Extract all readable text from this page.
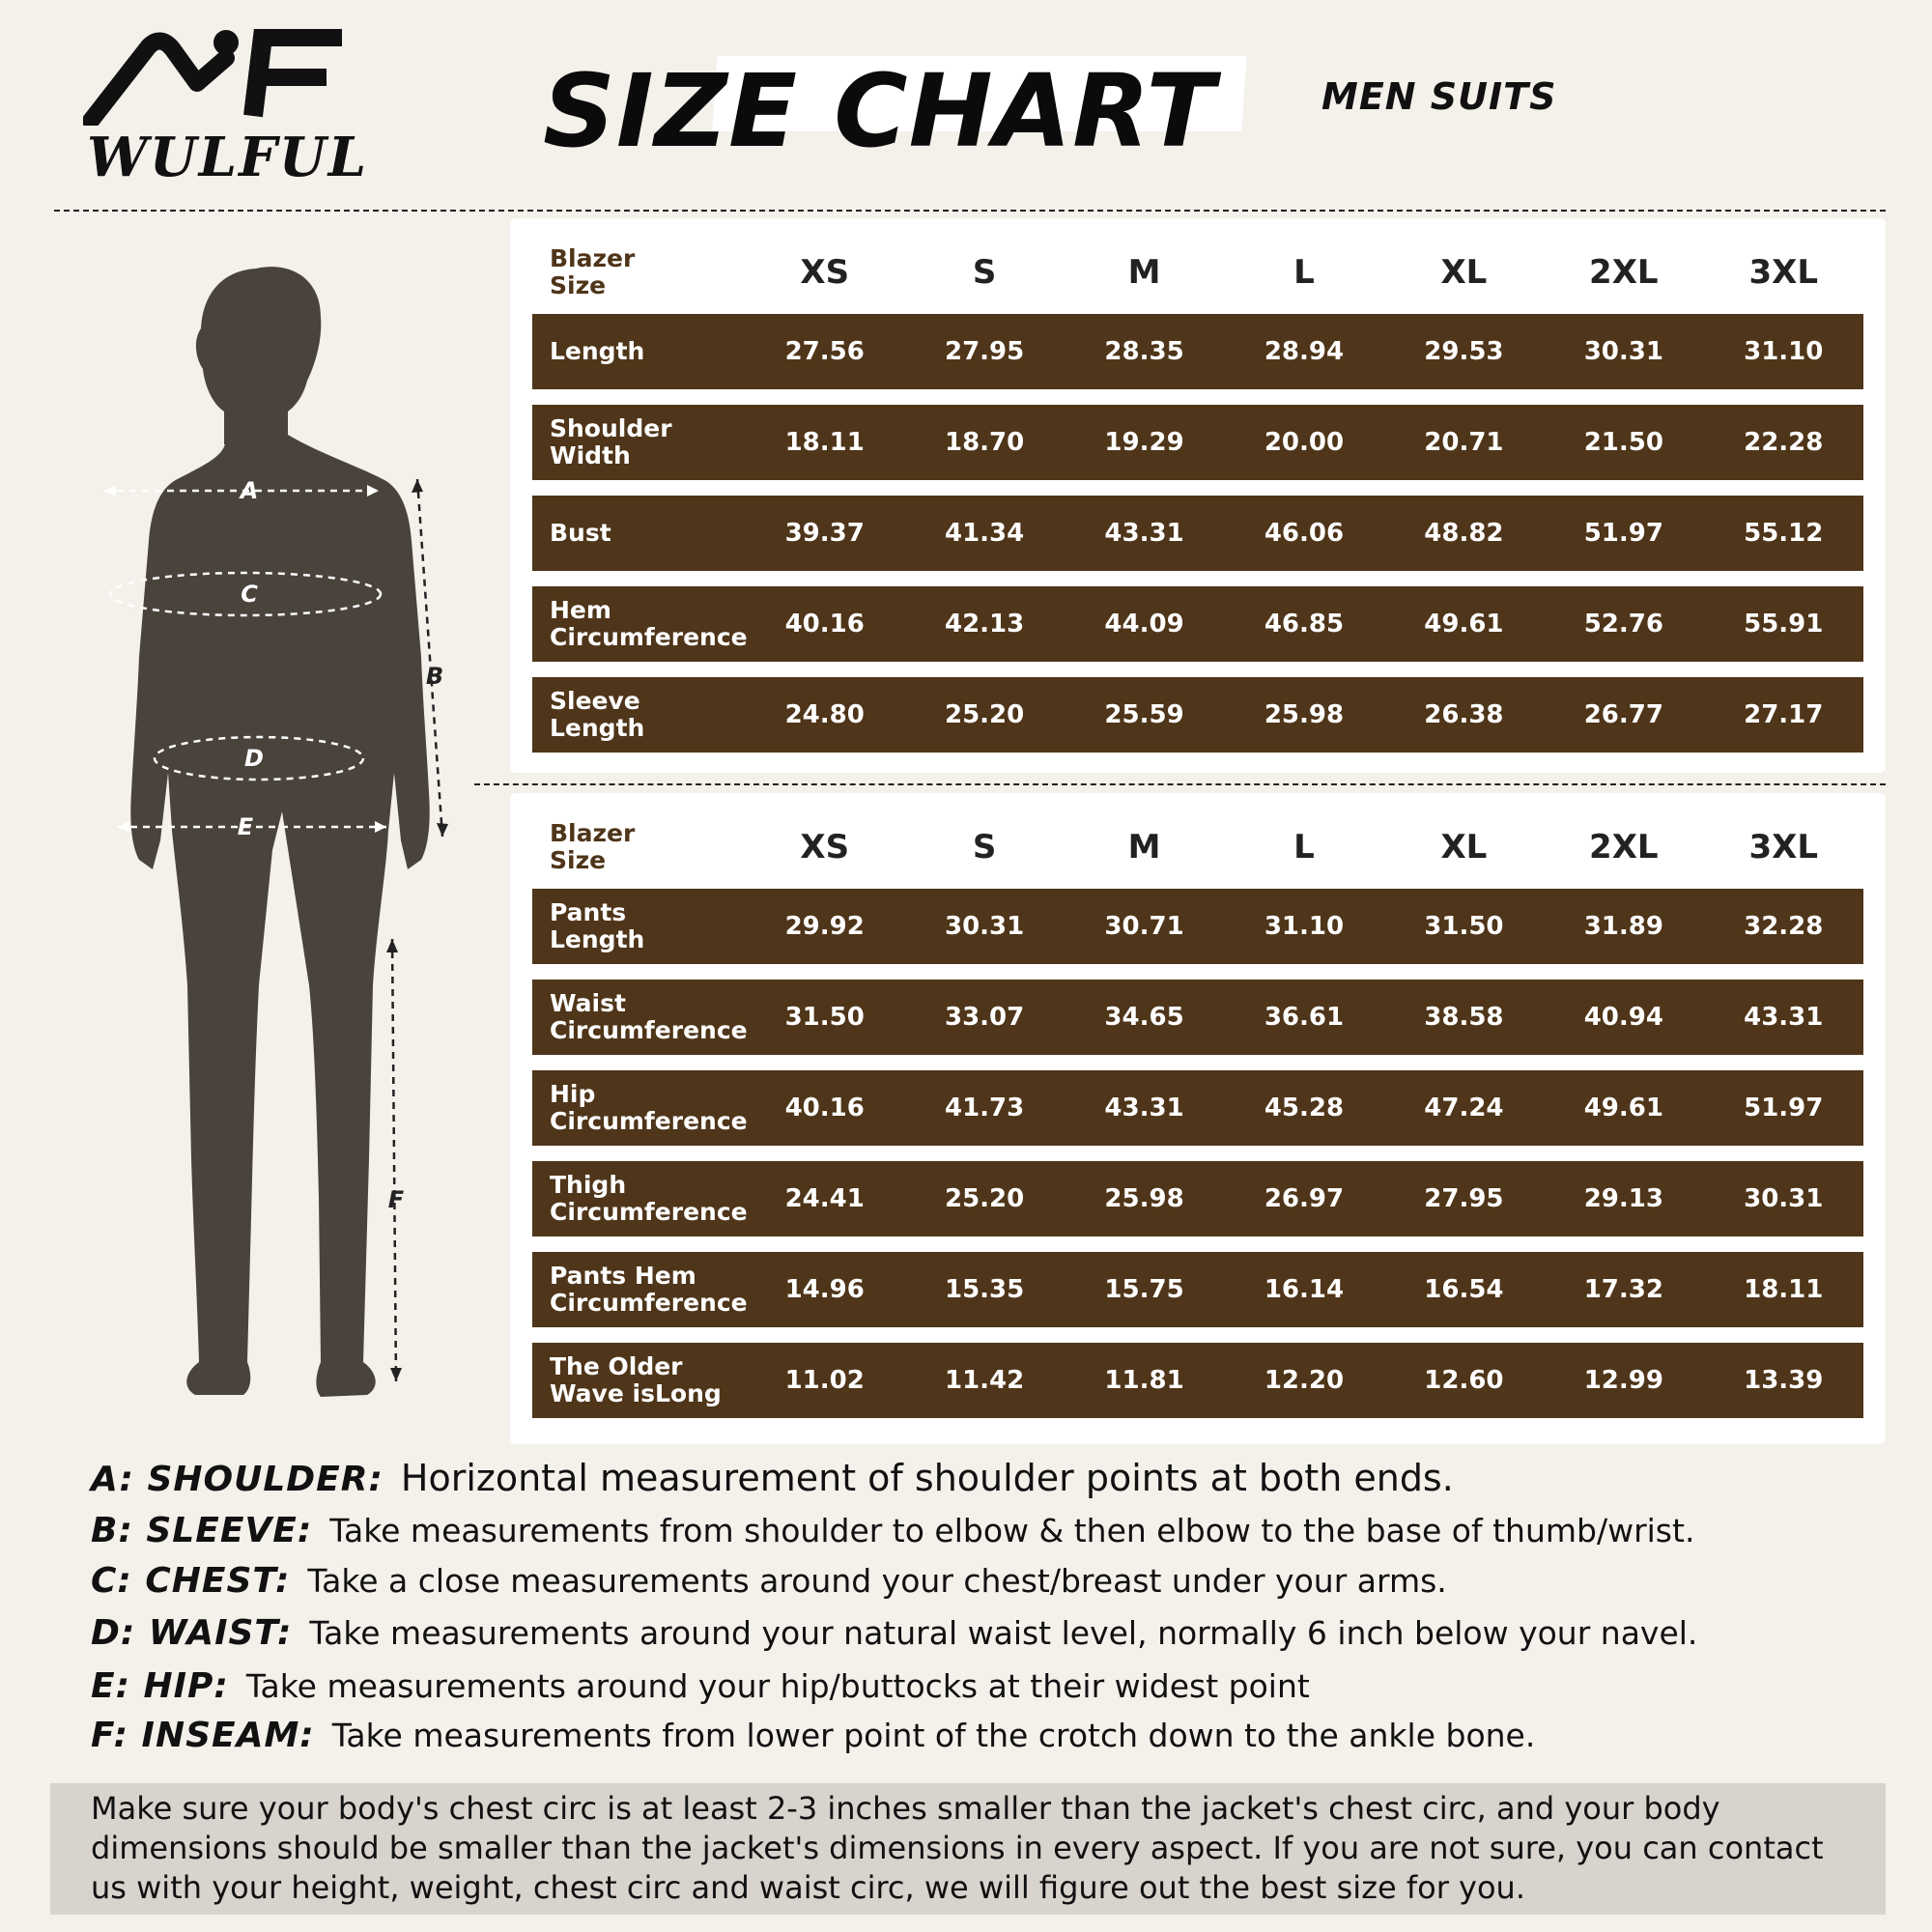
WULFUL SIZE CHART	MEN SUITS
A
C
D
E
B
F
Blazer
Size	XS	S	M	L	XL	2XL	3XL
Length	27.56	27.95	28.35	28.94	29.53	30.31	31.10
Shoulder
Width	18.11	18.70	19.29	20.00	20.71	21.50	22.28
Bust	39.37	41.34	43.31	46.06	48.82	51.97	55.12
Hem
Circumference	40.16	42.13	44.09	46.85	49.61	52.76	55.91
Sleeve
Length	24.80	25.20	25.59	25.98	26.38	26.77	27.17
Blazer
Size	XS	S	M	L	XL	2XL	3XL
Pants
Length	29.92	30.31	30.71	31.10	31.50	31.89	32.28
Waist
Circumference	31.50	33.07	34.65	36.61	38.58	40.94	43.31
Hip
Circumference	40.16	41.73	43.31	45.28	47.24	49.61	51.97
Thigh
Circumference	24.41	25.20	25.98	26.97	27.95	29.13	30.31
Pants Hem
Circumference	14.96	15.35	15.75	16.14	16.54	17.32	18.11
The Older
Wave isLong	11.02	11.42	11.81	12.20	12.60	12.99	13.39
A: SHOULDER: Horizontal measurement of shoulder points at both ends.
B: SLEEVE: Take measurements from shoulder to elbow & then elbow to the base of thumb/wrist.
C: CHEST: Take a close measurements around your chest/breast under your arms.
D: WAIST: Take measurements around your natural waist level, normally 6 inch below your navel.
E: HIP: Take measurements around your hip/buttocks at their widest point
F: INSEAM: Take measurements from lower point of the crotch down to the ankle bone.
Make sure your body's chest circ is at least 2-3 inches smaller than the jacket's chest circ, and your body dimensions should be smaller than the jacket's dimensions in every aspect. If you are not sure, you can contact us with your height, weight, chest circ and waist circ, we will figure out the best size for you.
